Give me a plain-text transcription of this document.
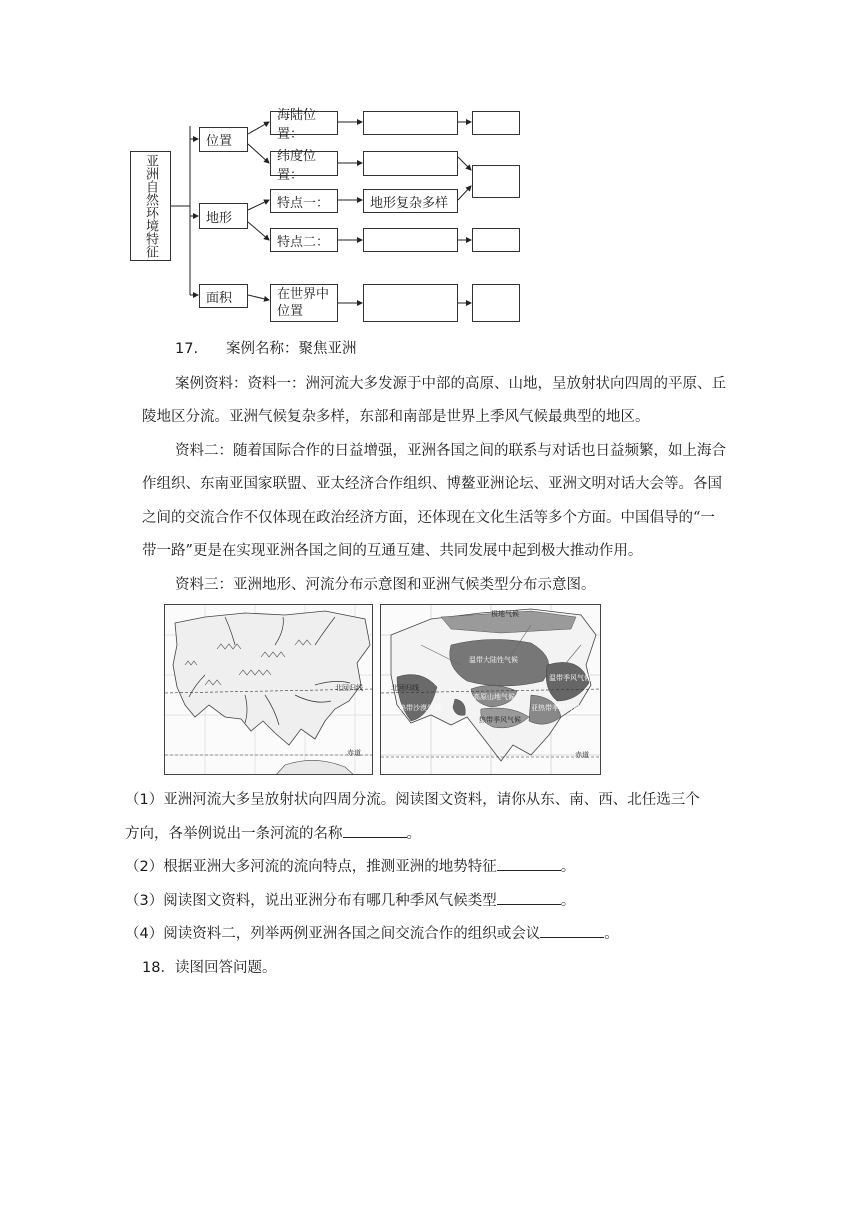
亚洲自然环境特征
位置
地形
面积
海陆位置：
纬度位置：
特点一：
特点二：
在世界中位置
地形复杂多样
17. 案例名称：聚焦亚洲
案例资料：资料一：洲河流大多发源于中部的高原、山地，呈放射状向四周的平原、丘
陵地区分流。亚洲气候复杂多样，东部和南部是世界上季风气候最典型的地区。
资料二：随着国际合作的日益增强，亚洲各国之间的联系与对话也日益频繁，如上海合
作组织、东南亚国家联盟、亚太经济合作组织、博鳌亚洲论坛、亚洲文明对话大会等。各国
之间的交流合作不仅体现在政治经济方面，还体现在文化生活等多个方面。中国倡导的“一
带一路”更是在实现亚洲各国之间的互通互建、共同发展中起到极大推动作用。
资料三：亚洲地形、河流分布示意图和亚洲气候类型分布示意图。
北回归线
赤道
极地气候
温带大陆性气候
高原山地气候
温带季风气候
亚热带季风气候
热带季风气候
热带沙漠气候
北回归线
赤道
（1）亚洲河流大多呈放射状向四周分流。阅读图文资料，请你从东、南、西、北任选三个
方向，各举例说出一条河流的名称	。
（2）根据亚洲大多河流的流向特点，推测亚洲的地势特征	。
（3）阅读图文资料，说出亚洲分布有哪几种季风气候类型	。
（4）阅读资料二，列举两例亚洲各国之间交流合作的组织或会议	。
18．读图回答问题。
